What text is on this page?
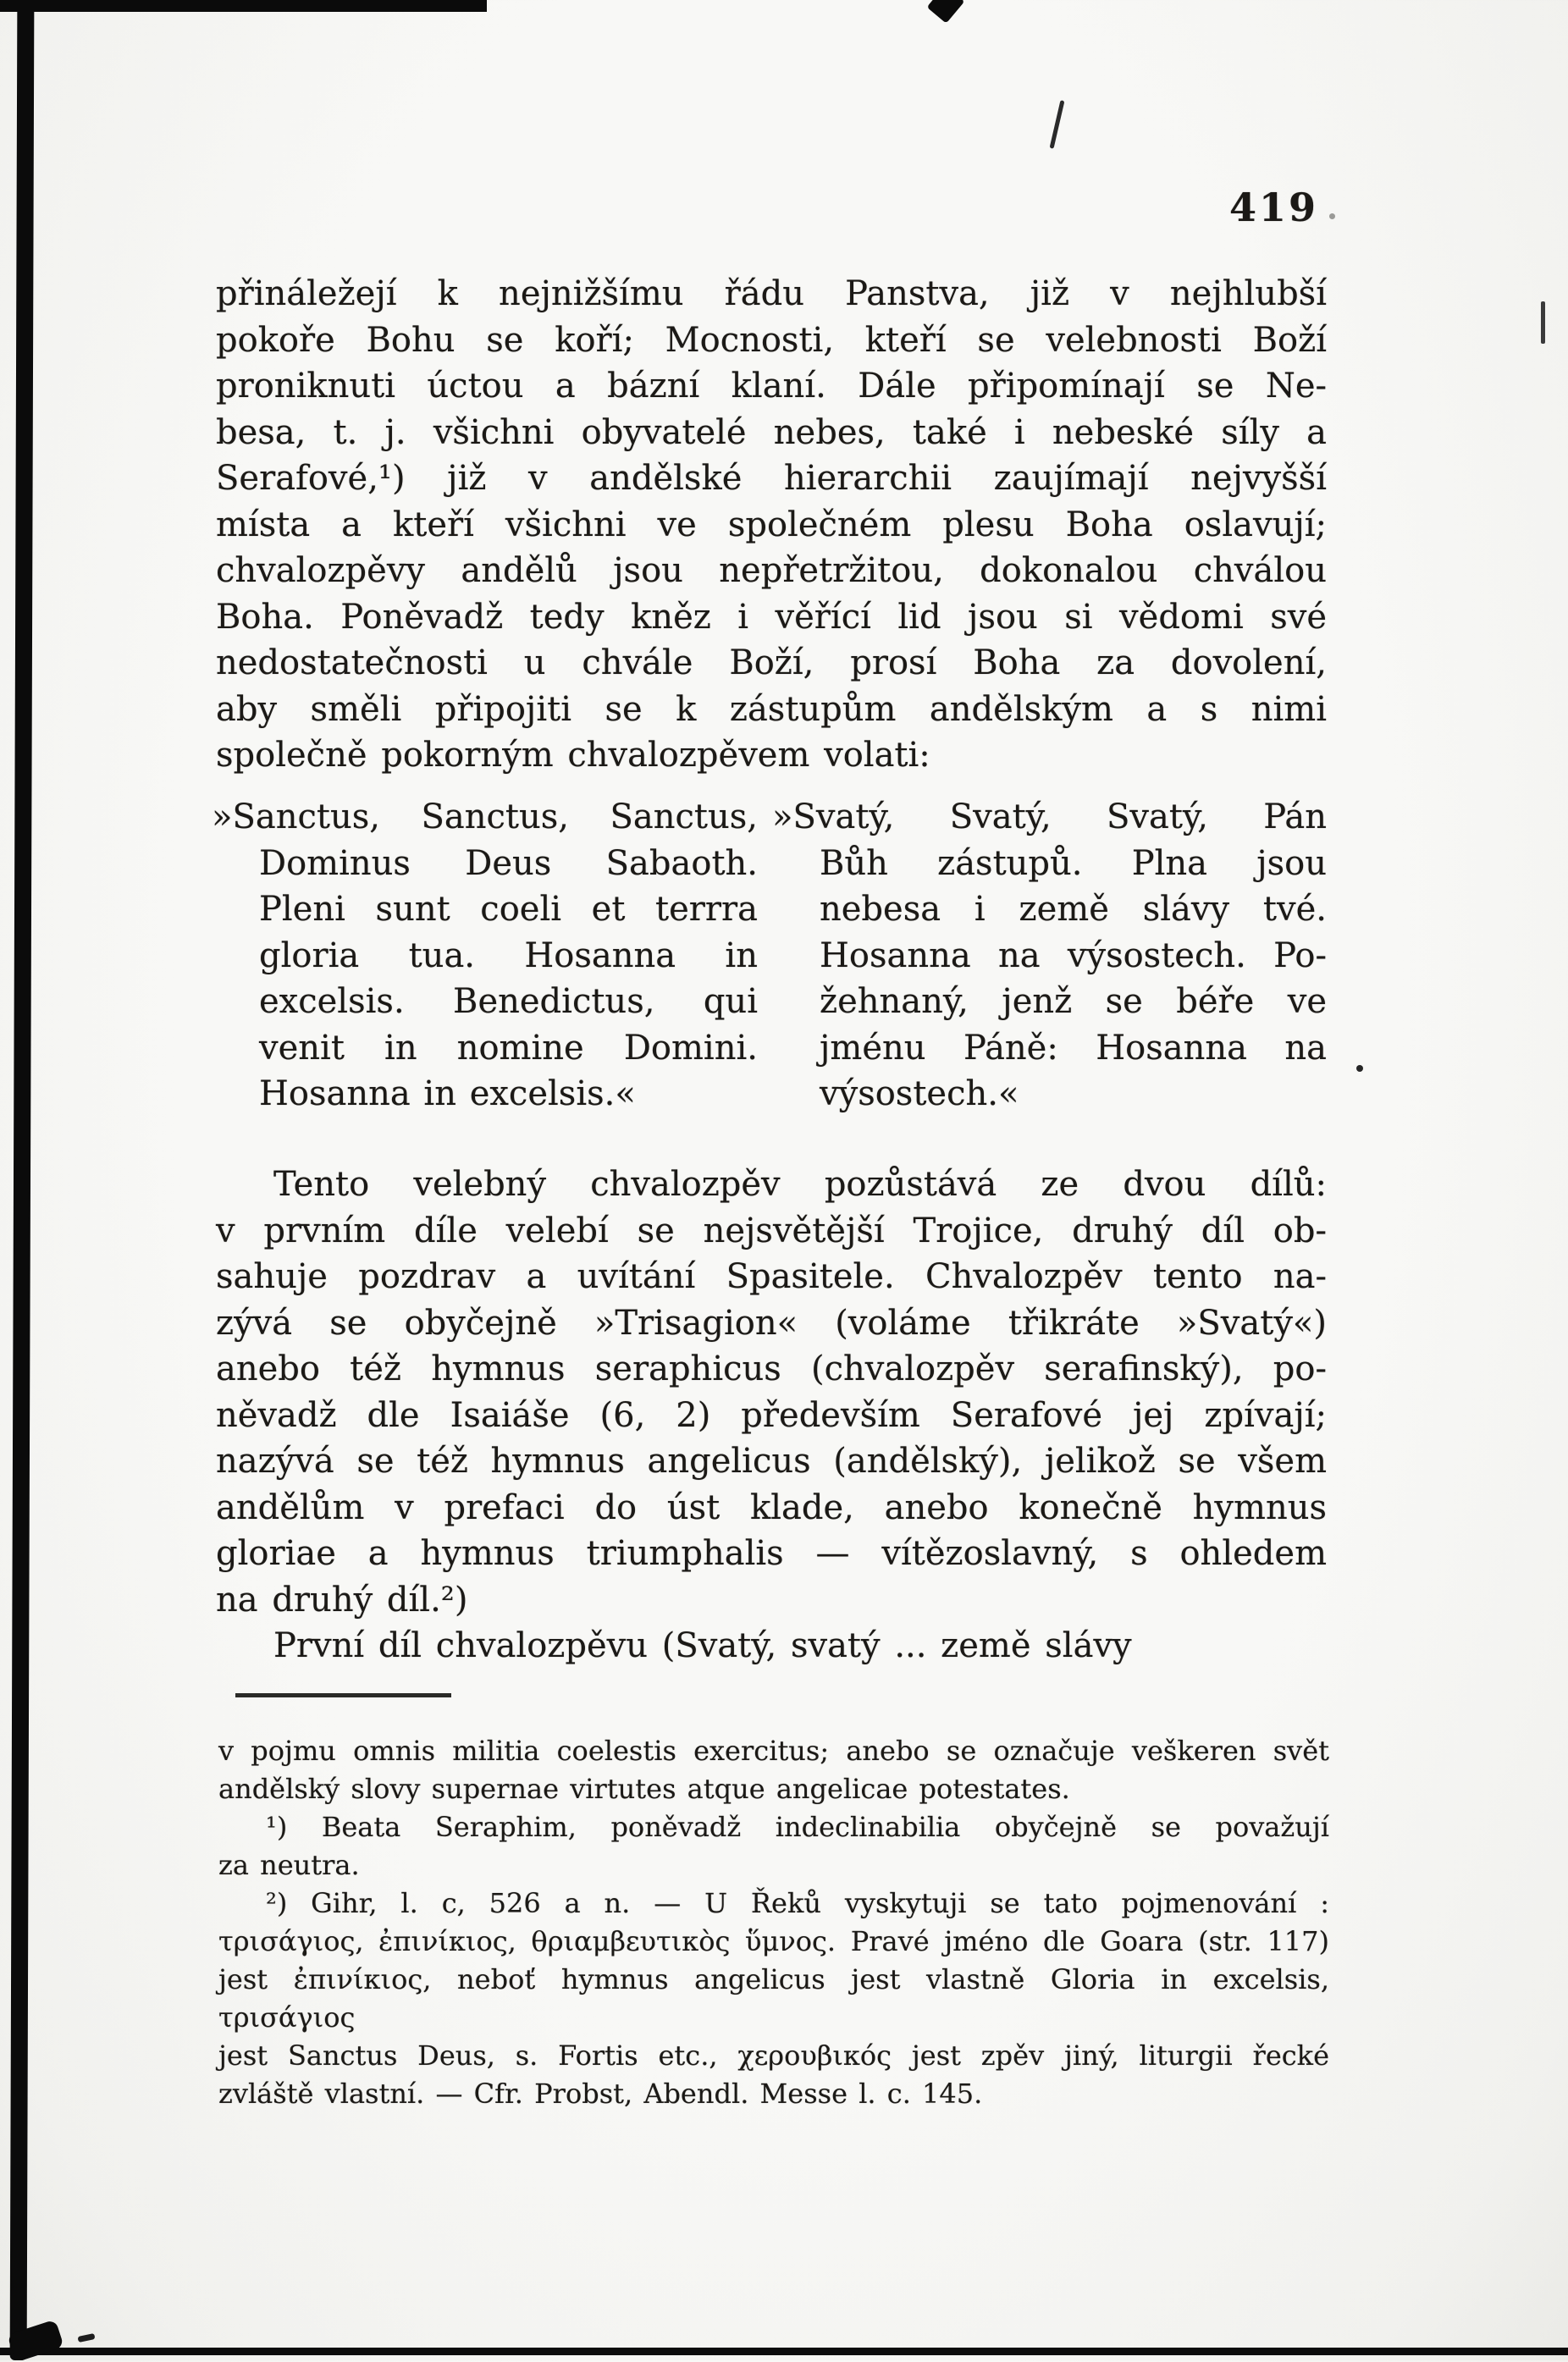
419
přináležejí k nejnižšímu řádu Panstva, již v nejhlubší
pokoře Bohu se koří; Mocnosti, kteří se velebnosti Boží
proniknuti úctou a bázní klaní. Dále připomínají se Ne-
besa, t. j. všichni obyvatelé nebes, také i nebeské síly a
Serafové,¹) již v andělské hierarchii zaujímají nejvyšší
místa a kteří všichni ve společném plesu Boha oslavují;
chvalozpěvy andělů jsou nepřetržitou, dokonalou chválou
Boha. Poněvadž tedy kněz i věřící lid jsou si vědomi své
nedostatečnosti u chvále Boží, prosí Boha za dovolení,
aby směli připojiti se k zástupům andělským a s nimi
společně pokorným chvalozpěvem volati:
»Sanctus, Sanctus, Sanctus,
Dominus Deus Sabaoth.
Pleni sunt coeli et terrra
gloria tua. Hosanna in
excelsis. Benedictus, qui
venit in nomine Domini.
Hosanna in excelsis.«
»Svatý, Svatý, Svatý, Pán
Bůh zástupů. Plna jsou
nebesa i země slávy tvé.
Hosanna na výsostech. Po-
žehnaný, jenž se béře ve
jménu Páně: Hosanna na
výsostech.«
Tento velebný chvalozpěv pozůstává ze dvou dílů:
v prvním díle velebí se nejsvětější Trojice, druhý díl ob-
sahuje pozdrav a uvítání Spasitele. Chvalozpěv tento na-
zývá se obyčejně »Trisagion« (voláme třikráte »Svatý«)
anebo též hymnus seraphicus (chvalozpěv serafinský), po-
něvadž dle Isaiáše (6, 2) především Serafové jej zpívají;
nazývá se též hymnus angelicus (andělský), jelikož se všem
andělům v prefaci do úst klade, anebo konečně hymnus
gloriae a hymnus triumphalis — vítězoslavný, s ohledem
na druhý díl.²)
První díl chvalozpěvu (Svatý, svatý ... země slávy
v pojmu omnis militia coelestis exercitus; anebo se označuje veškeren svět
andělský slovy supernae virtutes atque angelicae potestates.
¹) Beata Seraphim, poněvadž indeclinabilia obyčejně se považují
za neutra.
²) Gihr, l. c, 526 a n. — U Řeků vyskytuji se tato pojmenování :
τρισάγιος, ἐπινίκιος, θριαμβευτικὸς ὕμνος. Pravé jméno dle Goara (str. 117)
jest ἐπινίκιος, neboť hymnus angelicus jest vlastně Gloria in excelsis, τρισάγιος
jest Sanctus Deus, s. Fortis etc., χερουβικός jest zpěv jiný, liturgii řecké
zvláště vlastní. — Cfr. Probst, Abendl. Messe l. c. 145.
